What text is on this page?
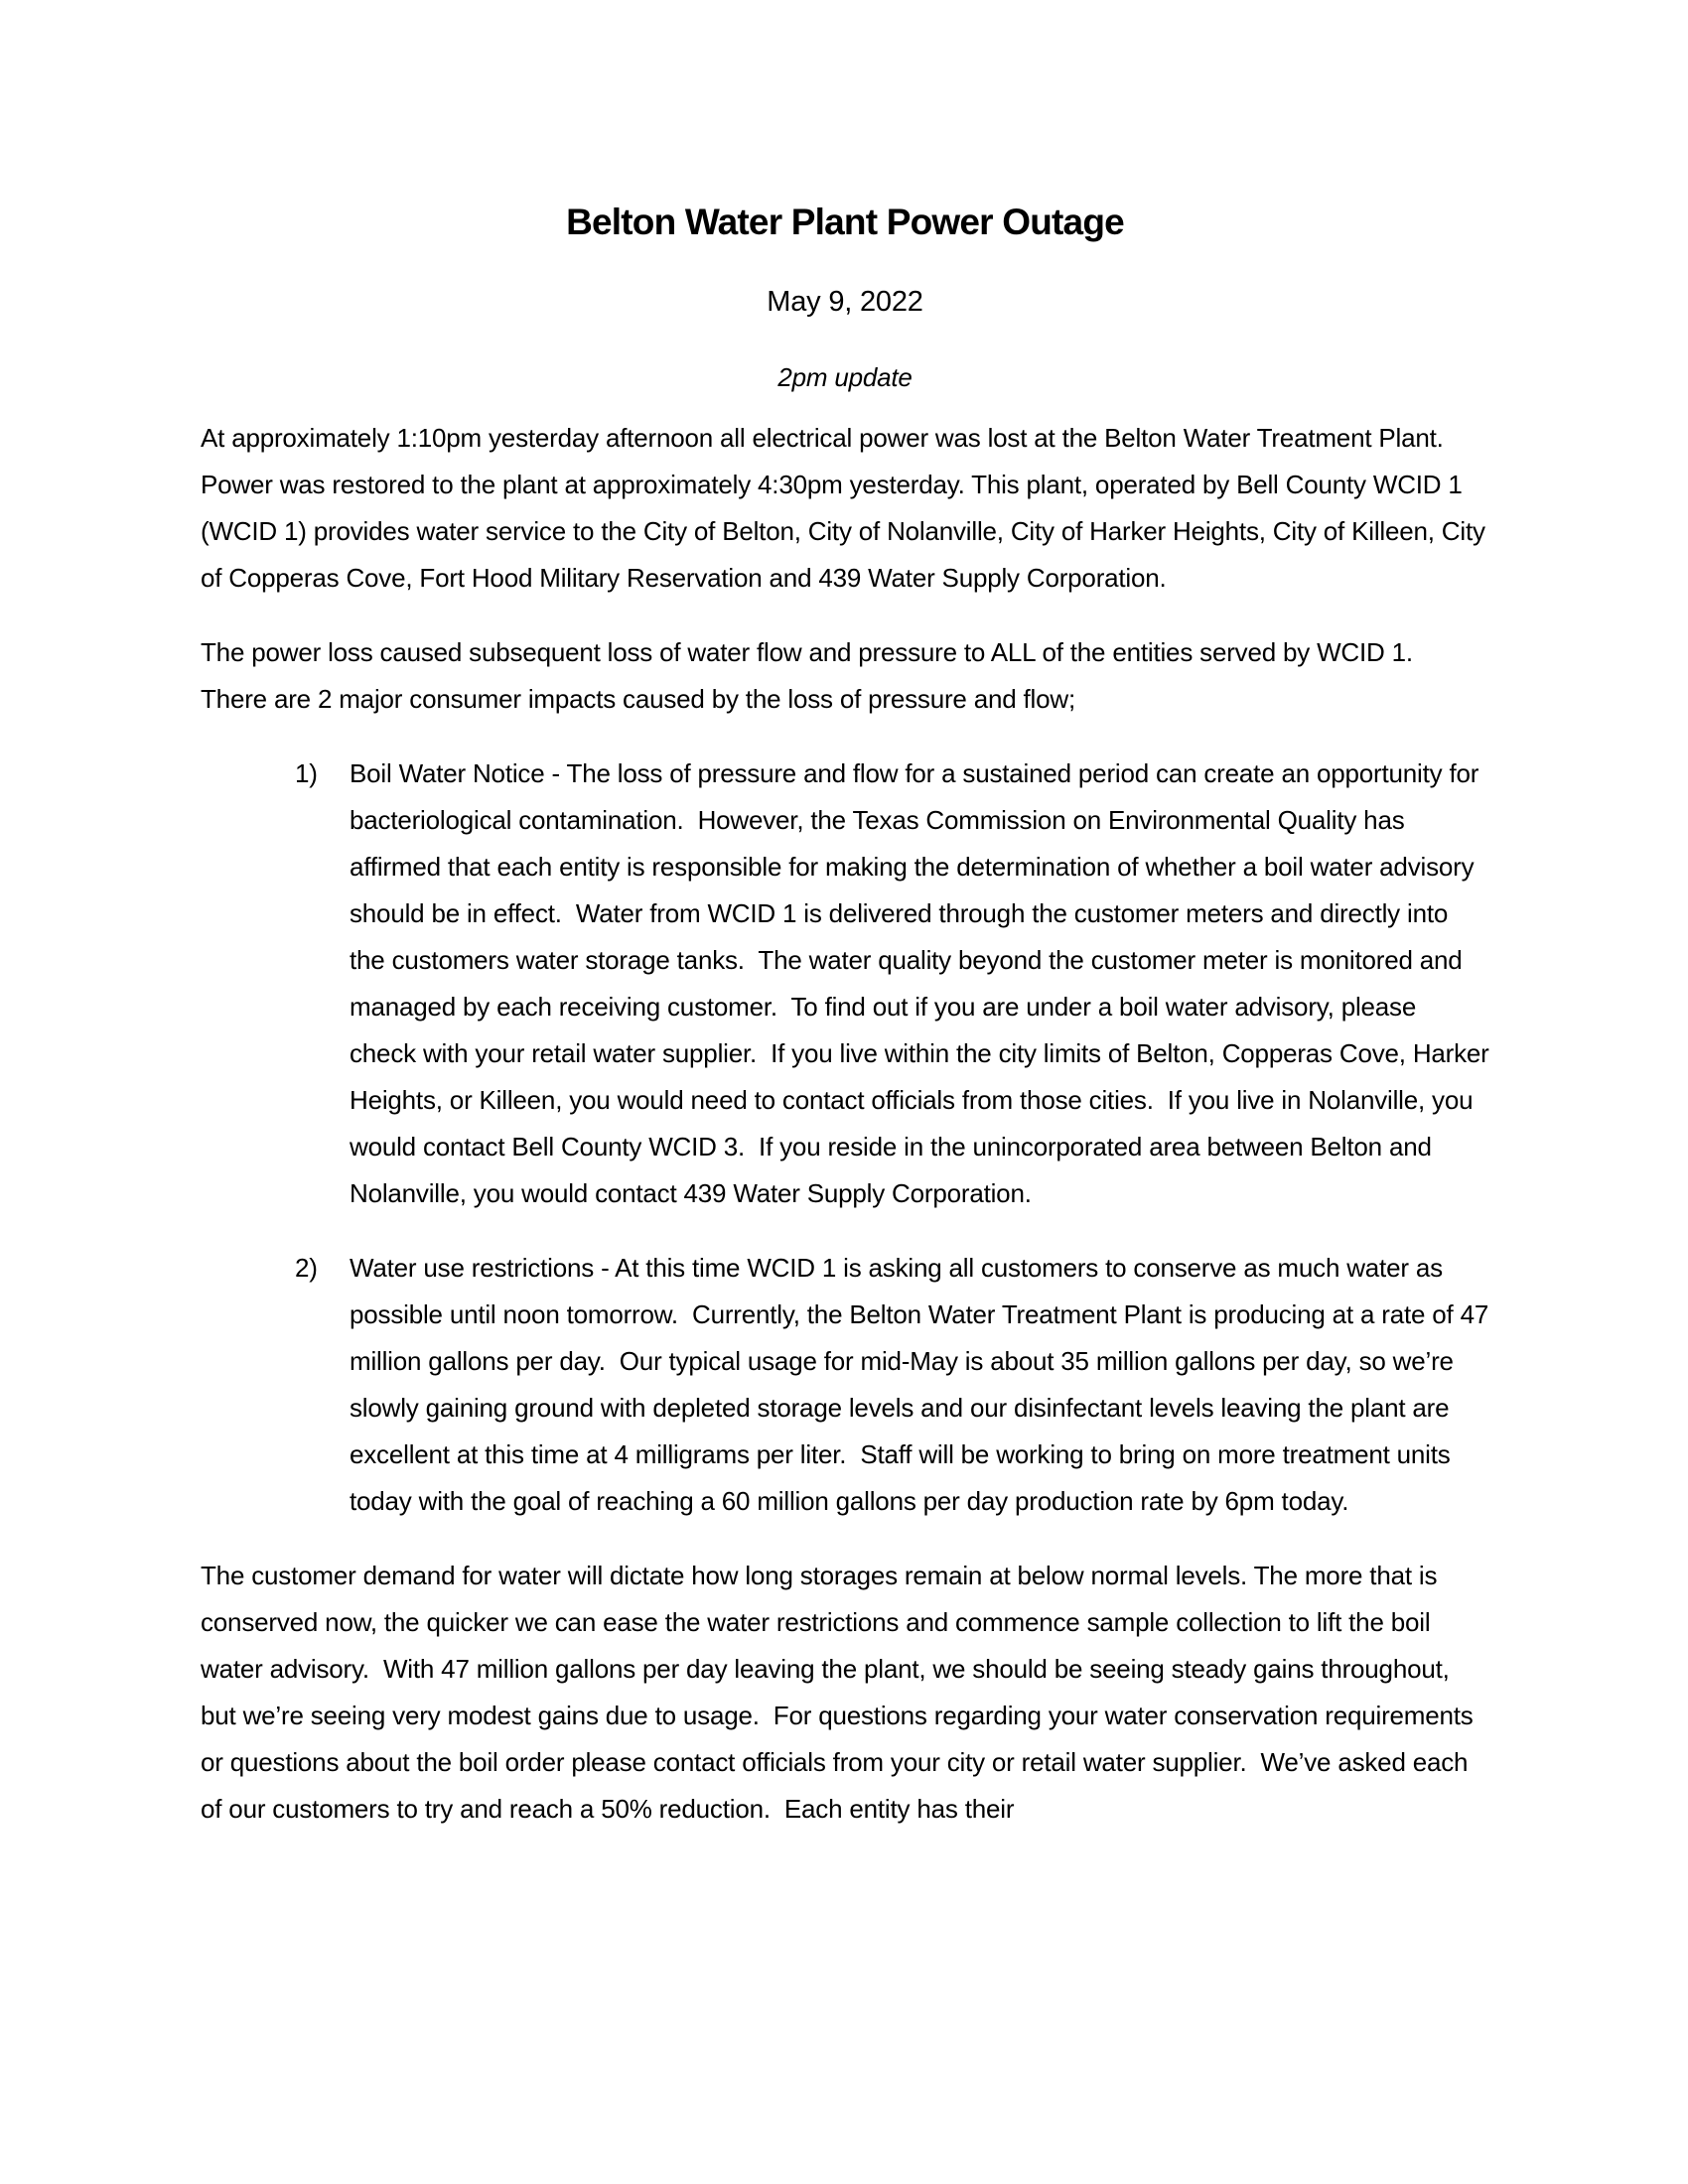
Belton Water Plant Power Outage

May 9, 2022

2pm update

At approximately 1:10pm yesterday afternoon all electrical power was lost at the Belton Water Treatment Plant. Power was restored to the plant at approximately 4:30pm yesterday. This plant, operated by Bell County WCID 1 (WCID 1) provides water service to the City of Belton, City of Nolanville, City of Harker Heights, City of Killeen, City of Copperas Cove, Fort Hood Military Reservation and 439 Water Supply Corporation.

The power loss caused subsequent loss of water flow and pressure to ALL of the entities served by WCID 1.  There are 2 major consumer impacts caused by the loss of pressure and flow;

1)	Boil Water Notice - The loss of pressure and flow for a sustained period can create an opportunity for bacteriological contamination.  However, the Texas Commission on Environmental Quality has affirmed that each entity is responsible for making the determination of whether a boil water advisory should be in effect.  Water from WCID 1 is delivered through the customer meters and directly into the customers water storage tanks.  The water quality beyond the customer meter is monitored and managed by each receiving customer.  To find out if you are under a boil water advisory, please check with your retail water supplier.  If you live within the city limits of Belton, Copperas Cove, Harker Heights, or Killeen, you would need to contact officials from those cities.  If you live in Nolanville, you would contact Bell County WCID 3.  If you reside in the unincorporated area between Belton and Nolanville, you would contact 439 Water Supply Corporation.

2)	Water use restrictions - At this time WCID 1 is asking all customers to conserve as much water as possible until noon tomorrow.  Currently, the Belton Water Treatment Plant is producing at a rate of 47 million gallons per day.  Our typical usage for mid-May is about 35 million gallons per day, so we’re slowly gaining ground with depleted storage levels and our disinfectant levels leaving the plant are excellent at this time at 4 milligrams per liter.  Staff will be working to bring on more treatment units today with the goal of reaching a 60 million gallons per day production rate by 6pm today.

The customer demand for water will dictate how long storages remain at below normal levels. The more that is conserved now, the quicker we can ease the water restrictions and commence sample collection to lift the boil water advisory.  With 47 million gallons per day leaving the plant, we should be seeing steady gains throughout, but we’re seeing very modest gains due to usage.  For questions regarding your water conservation requirements or questions about the boil order please contact officials from your city or retail water supplier.  We’ve asked each of our customers to try and reach a 50% reduction.  Each entity has their
